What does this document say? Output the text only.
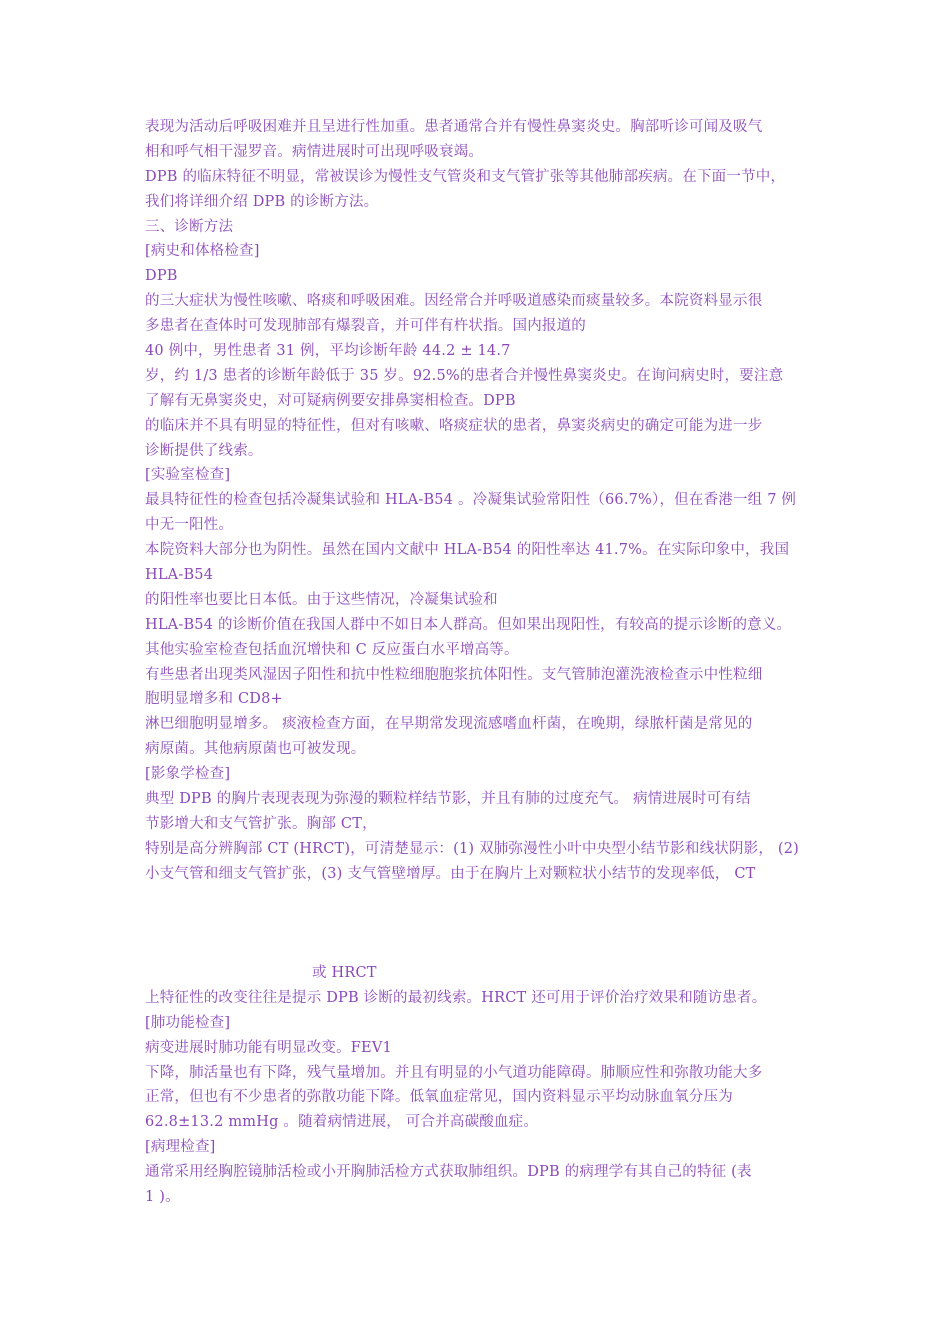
表现为活动后呼吸困难并且呈进行性加重。患者通常合并有慢性鼻窦炎史。胸部听诊可闻及吸气
相和呼气相干湿罗音。病情进展时可出现呼吸衰竭。
DPB 的临床特征不明显，常被误诊为慢性支气管炎和支气管扩张等其他肺部疾病。在下面一节中，
我们将详细介绍 DPB 的诊断方法。
三、诊断方法
[病史和体格检查]
DPB
的三大症状为慢性咳嗽、咯痰和呼吸困难。因经常合并呼吸道感染而痰量较多。本院资料显示很
多患者在查体时可发现肺部有爆裂音，并可伴有杵状指。国内报道的
40 例中，男性患者 31 例，平均诊断年龄 44.2 ± 14.7
岁，约 1/3 患者的诊断年龄低于 35 岁。92.5%的患者合并慢性鼻窦炎史。在询问病史时，要注意
了解有无鼻窦炎史，对可疑病例要安排鼻窦相检查。DPB
的临床并不具有明显的特征性，但对有咳嗽、咯痰症状的患者，鼻窦炎病史的确定可能为进一步
诊断提供了线索。
[实验室检查]
最具特征性的检查包括冷凝集试验和 HLA-B54 。冷凝集试验常阳性（66.7%），但在香港一组 7 例
中无一阳性。
本院资料大部分也为阴性。虽然在国内文献中 HLA-B54 的阳性率达 41.7%。在实际印象中，我国
HLA-B54
的阳性率也要比日本低。由于这些情况，冷凝集试验和
HLA-B54 的诊断价值在我国人群中不如日本人群高。但如果出现阳性，有较高的提示诊断的意义。
其他实验室检查包括血沉增快和 C 反应蛋白水平增高等。
有些患者出现类风湿因子阳性和抗中性粒细胞胞浆抗体阳性。支气管肺泡灌洗液检查示中性粒细
胞明显增多和 CD8+
淋巴细胞明显增多。 痰液检查方面，在早期常发现流感嗜血杆菌，在晚期，绿脓杆菌是常见的
病原菌。其他病原菌也可被发现。
[影象学检查]
典型 DPB 的胸片表现表现为弥漫的颗粒样结节影，并且有肺的过度充气。 病情进展时可有结
节影增大和支气管扩张。胸部 CT，
特别是高分辨胸部 CT (HRCT)，可清楚显示：(1) 双肺弥漫性小叶中央型小结节影和线状阴影， (2)
小支气管和细支气管扩张，(3) 支气管壁增厚。由于在胸片上对颗粒状小结节的发现率低， CT
或 HRCT
上特征性的改变往往是提示 DPB 诊断的最初线索。HRCT 还可用于评价治疗效果和随访患者。
[肺功能检查]
病变进展时肺功能有明显改变。FEV1
下降，肺活量也有下降，残气量增加。并且有明显的小气道功能障碍。肺顺应性和弥散功能大多
正常，但也有不少患者的弥散功能下降。低氧血症常见，国内资料显示平均动脉血氧分压为
62.8±13.2 mmHg 。随着病情进展， 可合并高碳酸血症。
[病理检查]
通常采用经胸腔镜肺活检或小开胸肺活检方式获取肺组织。DPB 的病理学有其自己的特征 (表
1 )。
